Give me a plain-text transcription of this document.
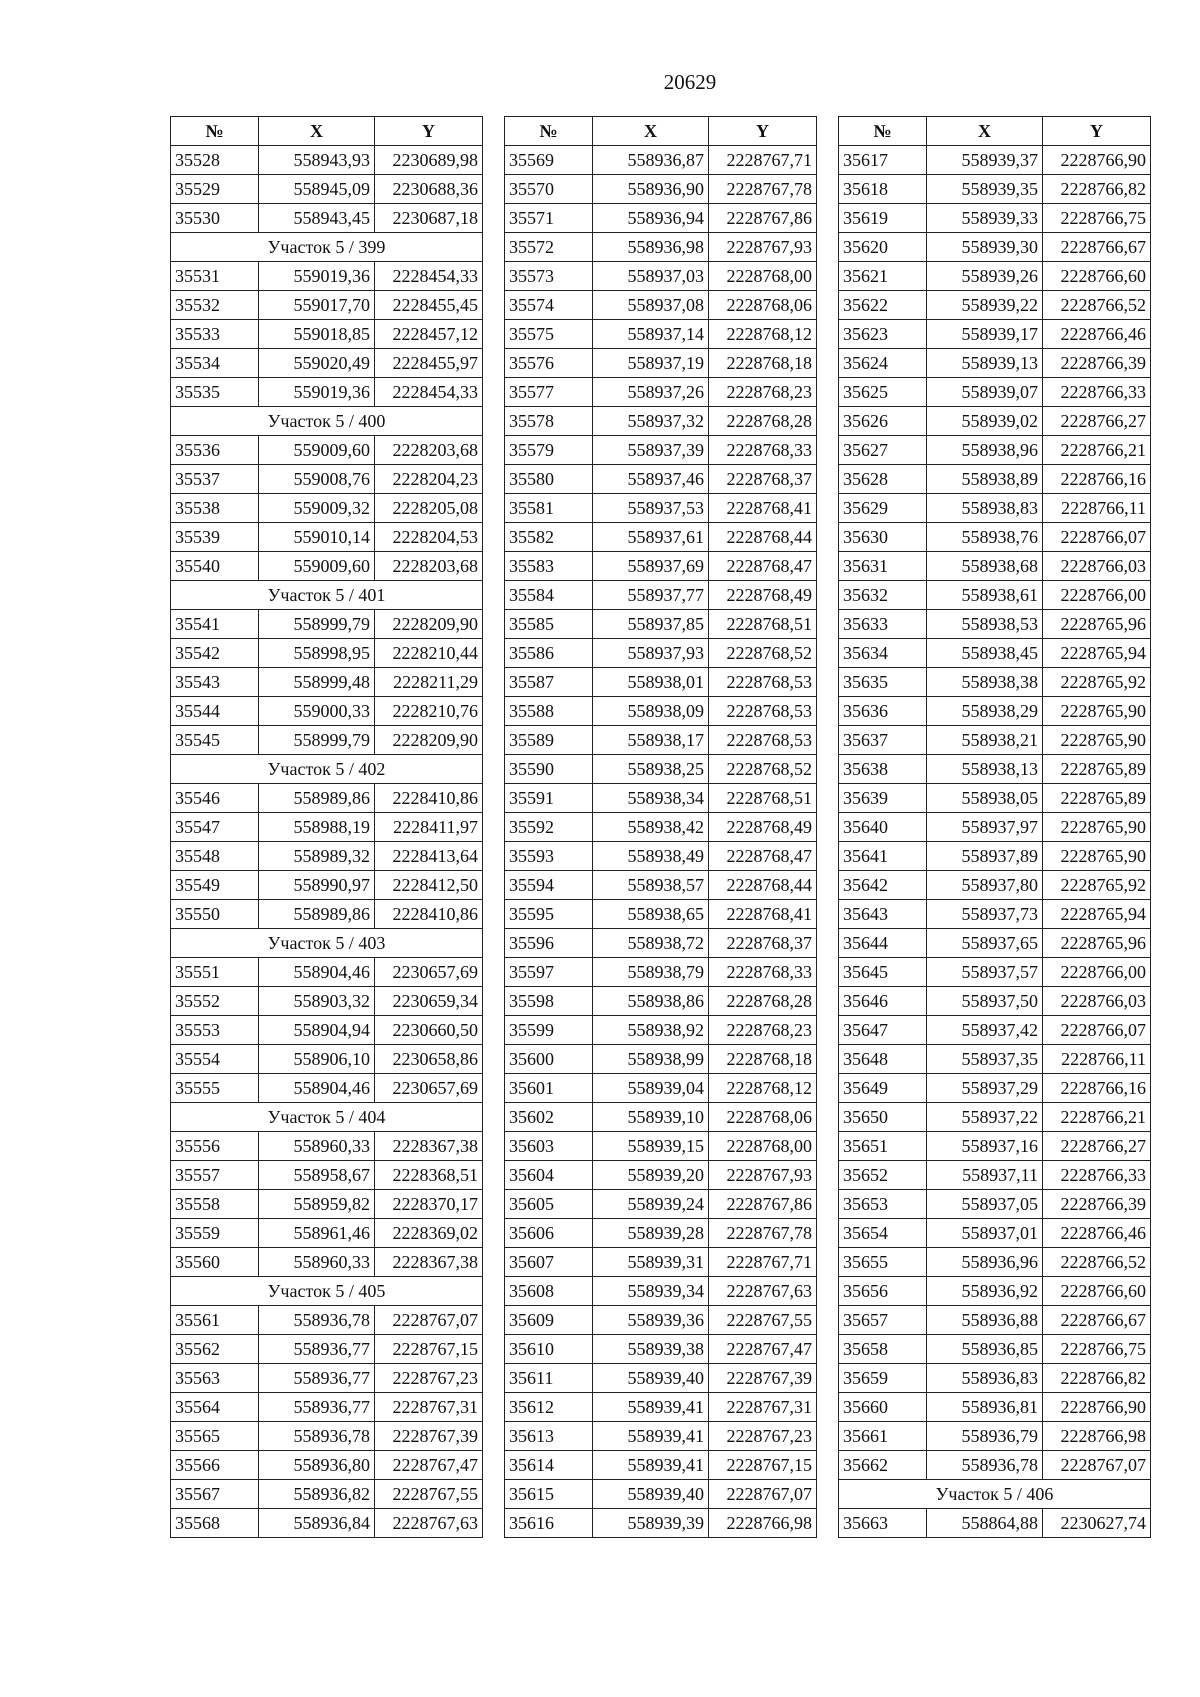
20629
№	X	Y
35528	558943,93	2230689,98
35529	558945,09	2230688,36
35530	558943,45	2230687,18
Участок 5 / 399		
35531	559019,36	2228454,33
35532	559017,70	2228455,45
35533	559018,85	2228457,12
35534	559020,49	2228455,97
35535	559019,36	2228454,33
Участок 5 / 400		
35536	559009,60	2228203,68
35537	559008,76	2228204,23
35538	559009,32	2228205,08
35539	559010,14	2228204,53
35540	559009,60	2228203,68
Участок 5 / 401		
35541	558999,79	2228209,90
35542	558998,95	2228210,44
35543	558999,48	2228211,29
35544	559000,33	2228210,76
35545	558999,79	2228209,90
Участок 5 / 402		
35546	558989,86	2228410,86
35547	558988,19	2228411,97
35548	558989,32	2228413,64
35549	558990,97	2228412,50
35550	558989,86	2228410,86
Участок 5 / 403		
35551	558904,46	2230657,69
35552	558903,32	2230659,34
35553	558904,94	2230660,50
35554	558906,10	2230658,86
35555	558904,46	2230657,69
Участок 5 / 404		
35556	558960,33	2228367,38
35557	558958,67	2228368,51
35558	558959,82	2228370,17
35559	558961,46	2228369,02
35560	558960,33	2228367,38
Участок 5 / 405		
35561	558936,78	2228767,07
35562	558936,77	2228767,15
35563	558936,77	2228767,23
35564	558936,77	2228767,31
35565	558936,78	2228767,39
35566	558936,80	2228767,47
35567	558936,82	2228767,55
35568	558936,84	2228767,63
№	X	Y
35569	558936,87	2228767,71
35570	558936,90	2228767,78
35571	558936,94	2228767,86
35572	558936,98	2228767,93
35573	558937,03	2228768,00
35574	558937,08	2228768,06
35575	558937,14	2228768,12
35576	558937,19	2228768,18
35577	558937,26	2228768,23
35578	558937,32	2228768,28
35579	558937,39	2228768,33
35580	558937,46	2228768,37
35581	558937,53	2228768,41
35582	558937,61	2228768,44
35583	558937,69	2228768,47
35584	558937,77	2228768,49
35585	558937,85	2228768,51
35586	558937,93	2228768,52
35587	558938,01	2228768,53
35588	558938,09	2228768,53
35589	558938,17	2228768,53
35590	558938,25	2228768,52
35591	558938,34	2228768,51
35592	558938,42	2228768,49
35593	558938,49	2228768,47
35594	558938,57	2228768,44
35595	558938,65	2228768,41
35596	558938,72	2228768,37
35597	558938,79	2228768,33
35598	558938,86	2228768,28
35599	558938,92	2228768,23
35600	558938,99	2228768,18
35601	558939,04	2228768,12
35602	558939,10	2228768,06
35603	558939,15	2228768,00
35604	558939,20	2228767,93
35605	558939,24	2228767,86
35606	558939,28	2228767,78
35607	558939,31	2228767,71
35608	558939,34	2228767,63
35609	558939,36	2228767,55
35610	558939,38	2228767,47
35611	558939,40	2228767,39
35612	558939,41	2228767,31
35613	558939,41	2228767,23
35614	558939,41	2228767,15
35615	558939,40	2228767,07
35616	558939,39	2228766,98
№	X	Y
35617	558939,37	2228766,90
35618	558939,35	2228766,82
35619	558939,33	2228766,75
35620	558939,30	2228766,67
35621	558939,26	2228766,60
35622	558939,22	2228766,52
35623	558939,17	2228766,46
35624	558939,13	2228766,39
35625	558939,07	2228766,33
35626	558939,02	2228766,27
35627	558938,96	2228766,21
35628	558938,89	2228766,16
35629	558938,83	2228766,11
35630	558938,76	2228766,07
35631	558938,68	2228766,03
35632	558938,61	2228766,00
35633	558938,53	2228765,96
35634	558938,45	2228765,94
35635	558938,38	2228765,92
35636	558938,29	2228765,90
35637	558938,21	2228765,90
35638	558938,13	2228765,89
35639	558938,05	2228765,89
35640	558937,97	2228765,90
35641	558937,89	2228765,90
35642	558937,80	2228765,92
35643	558937,73	2228765,94
35644	558937,65	2228765,96
35645	558937,57	2228766,00
35646	558937,50	2228766,03
35647	558937,42	2228766,07
35648	558937,35	2228766,11
35649	558937,29	2228766,16
35650	558937,22	2228766,21
35651	558937,16	2228766,27
35652	558937,11	2228766,33
35653	558937,05	2228766,39
35654	558937,01	2228766,46
35655	558936,96	2228766,52
35656	558936,92	2228766,60
35657	558936,88	2228766,67
35658	558936,85	2228766,75
35659	558936,83	2228766,82
35660	558936,81	2228766,90
35661	558936,79	2228766,98
35662	558936,78	2228767,07
Участок 5 / 406		
35663	558864,88	2230627,74
